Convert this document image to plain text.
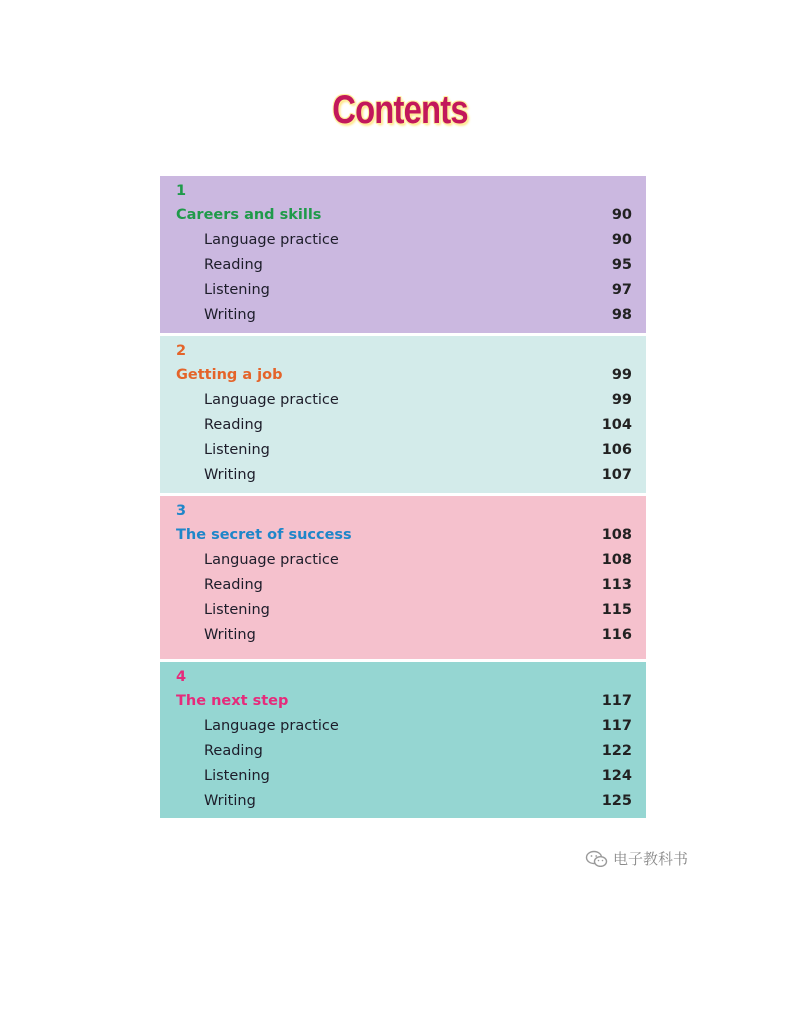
Contents
1
Careers and skills	90
Language practice	90
Reading	95
Listening	97
Writing	98
2
Getting a job	99
Language practice	99
Reading	104
Listening	106
Writing	107
3
The secret of success	108
Language practice	108
Reading	113
Listening	115
Writing	116
4
The next step	117
Language practice	117
Reading	122
Listening	124
Writing	125
电子教科书
